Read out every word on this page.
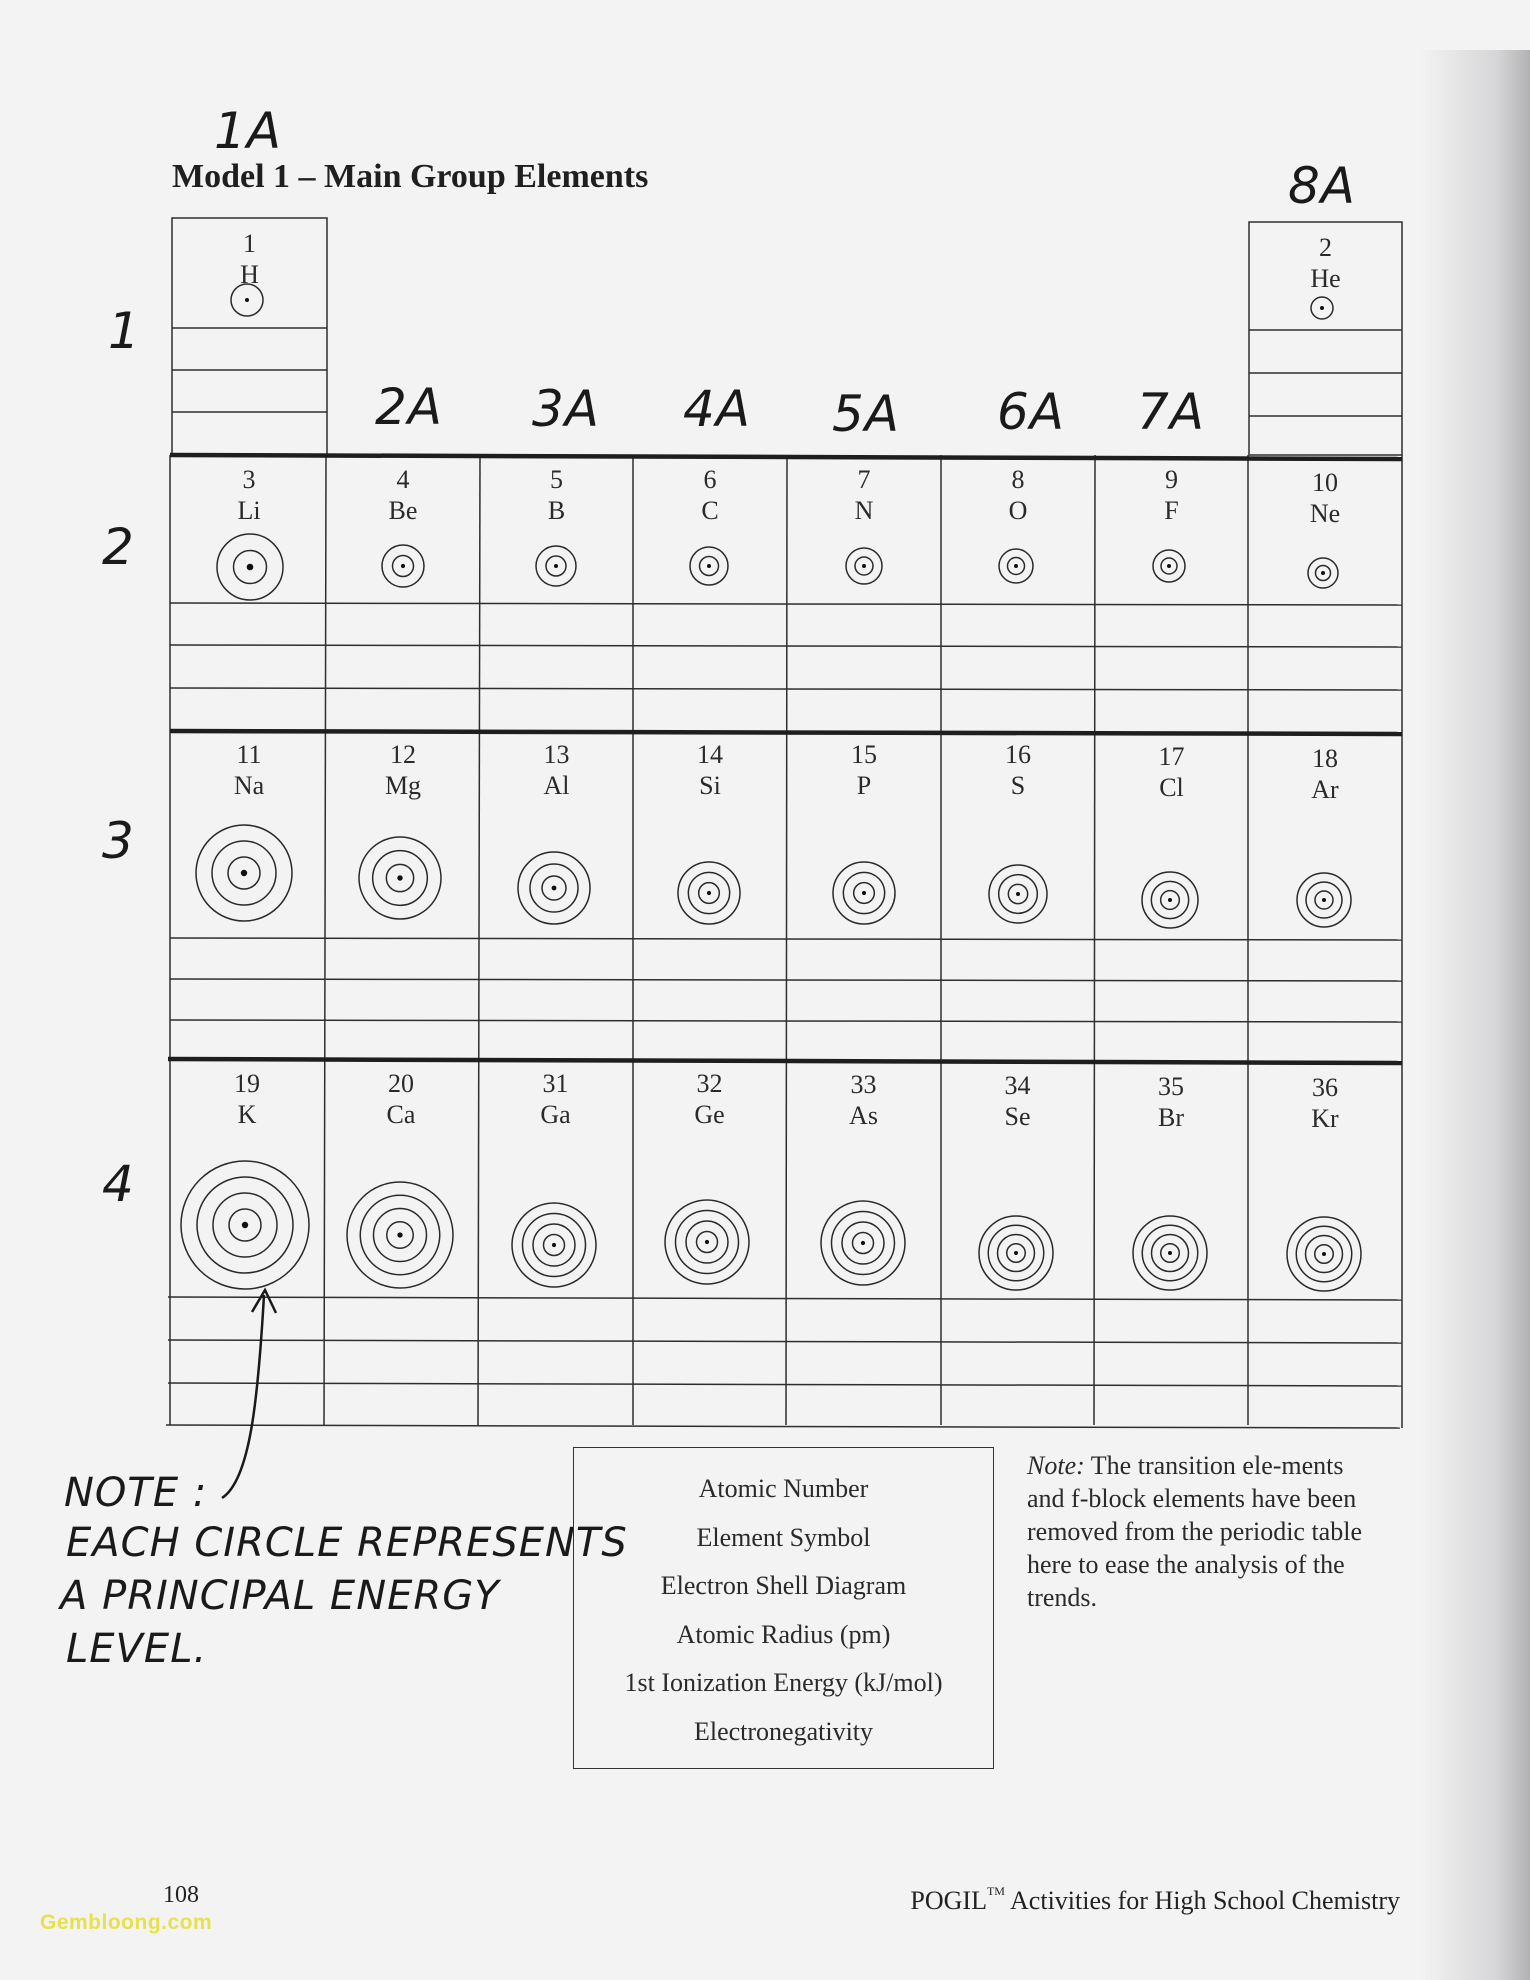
Model 1 – Main Group Elements
1A
2A 3A 4A 5A 6A 7A
8A
1
2
3
4
1
H
2
He
3
Li
4
Be
5
B
6
C
7
N
8
O
9
F
10
Ne
11
Na
12
Mg
13
Al
14
Si
15
P
16
S
17
Cl
18
Ar
19
K
20
Ca
31
Ga
32
Ge
33
As
34
Se
35
Br
36
Kr
NOTE :
EACH CIRCLE REPRESENTS
A PRINCIPAL ENERGY
LEVEL.
Atomic Number
Element Symbol
Electron Shell Diagram
Atomic Radius (pm)
1st Ionization Energy (kJ/mol)
Electronegativity
Note: The transition ele-ments and f-block elements have been removed from the periodic table here to ease the analysis of the trends.
108	POGIL™ Activities for High School Chemistry
Gembloong.com
